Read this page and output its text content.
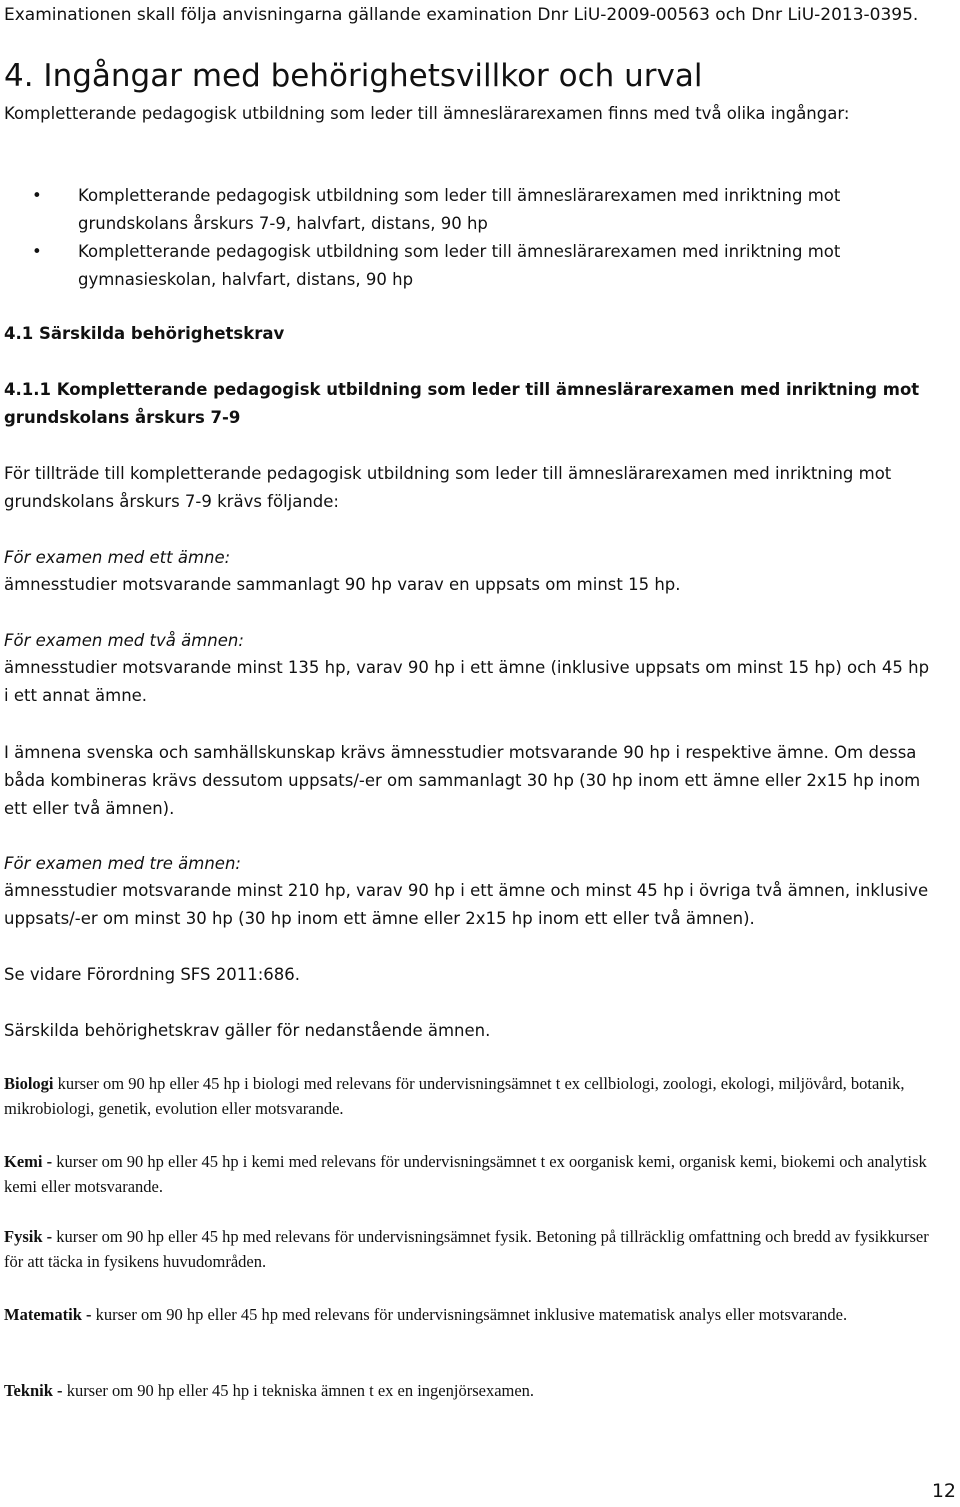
Examinationen skall följa anvisningarna gällande examination Dnr LiU-2009-00563 och Dnr LiU-2013-0395.

4. Ingångar med behörighetsvillkor och urval

Kompletterande pedagogisk utbildning som leder till ämneslärarexamen finns med två olika ingångar:

• Kompletterande pedagogisk utbildning som leder till ämneslärarexamen med inriktning mot grundskolans årskurs 7-9, halvfart, distans, 90 hp
• Kompletterande pedagogisk utbildning som leder till ämneslärarexamen med inriktning mot gymnasieskolan, halvfart, distans, 90 hp
4.1 Särskilda behörighetskrav
4.1.1 Kompletterande pedagogisk utbildning som leder till ämneslärarexamen med inriktning mot grundskolans årskurs 7-9

För tillträde till kompletterande pedagogisk utbildning som leder till ämneslärarexamen med inriktning mot grundskolans årskurs 7-9 krävs följande:

För examen med ett ämne:

ämnesstudier motsvarande sammanlagt 90 hp varav en uppsats om minst 15 hp.

För examen med två ämnen:

ämnesstudier motsvarande minst 135 hp, varav 90 hp i ett ämne (inklusive uppsats om minst 15 hp) och 45 hp i ett annat ämne.

I ämnena svenska och samhällskunskap krävs ämnesstudier motsvarande 90 hp i respektive ämne. Om dessa båda kombineras krävs dessutom uppsats/-er om sammanlagt 30 hp (30 hp inom ett ämne eller 2x15 hp inom ett eller två ämnen).

För examen med tre ämnen:

ämnesstudier motsvarande minst 210 hp, varav 90 hp i ett ämne och minst 45 hp i övriga två ämnen, inklusive uppsats/-er om minst 30 hp (30 hp inom ett ämne eller 2x15 hp inom ett eller två ämnen).

Se vidare Förordning SFS 2011:686.

Särskilda behörighetskrav gäller för nedanstående ämnen.

Biologi kurser om 90 hp eller 45 hp i biologi med relevans för undervisningsämnet t ex cellbiologi, zoologi, ekologi, miljövård, botanik, mikrobiologi, genetik, evolution eller motsvarande.

Kemi - kurser om 90 hp eller 45 hp i kemi med relevans för undervisningsämnet t ex oorganisk kemi, organisk kemi, biokemi och analytisk kemi eller motsvarande.

Fysik - kurser om 90 hp eller 45 hp med relevans för undervisningsämnet fysik. Betoning på tillräcklig omfattning och bredd av fysikkurser för att täcka in fysikens huvudområden.

Matematik - kurser om 90 hp eller 45 hp med relevans för undervisningsämnet inklusive matematisk analys eller motsvarande.

Teknik - kurser om 90 hp eller 45 hp i tekniska ämnen t ex en ingenjörsexamen.

12
